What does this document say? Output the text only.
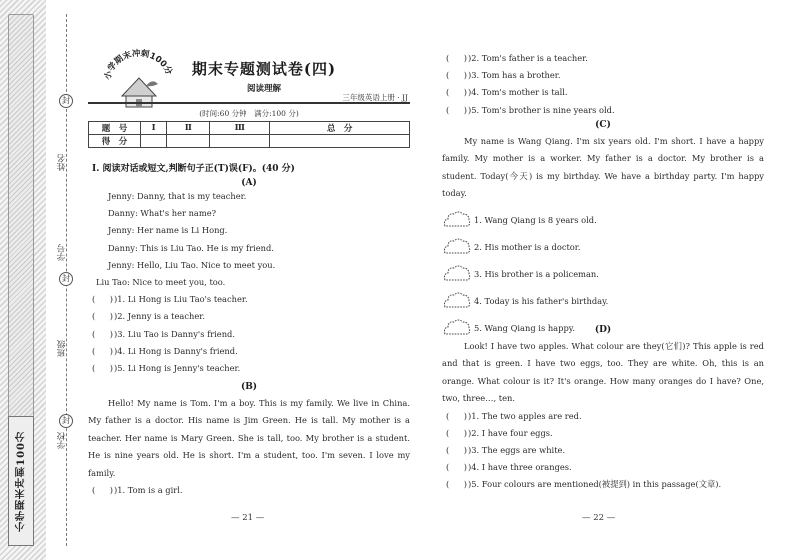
封
封
封
姓名
学号
班级
学校
小学期末冲刺100分
小学期末冲刺100分	期末专题测试卷(四)
阅读理解
三年级英语上册 · JJ
(时间:60 分钟　满分:100 分)
题　号	Ⅰ	Ⅱ	Ⅲ	总　分
得　分				
Ⅰ. 阅读对话或短文,判断句子正(T)误(F)。(40 分)
(A)
Jenny: Danny, that is my teacher.
Danny: What's her name?
Jenny: Her name is Li Hong.
Danny: This is Liu Tao. He is my friend.
Jenny: Hello, Liu Tao. Nice to meet you.
Liu Tao: Nice to meet you, too.
( )
)1. Li Hong is Liu Tao's teacher.
( )
)2. Jenny is a teacher.
( )
)3. Liu Tao is Danny's friend.
( )
)4. Li Hong is Danny's friend.
( )
)5. Li Hong is Jenny's teacher.
(B)
Hello! My name is Tom. I'm a boy. This is my family. We live in China. My father is a doctor. His name is Jim Green. He is tall. My mother is a teacher. Her name is Mary Green. She is tall, too. My brother is a student. He is nine years old. He is short. I'm a student, too. I'm seven. I love my family.
( )
)1. Tom is a girl.
— 21 —
( )
)2. Tom's father is a teacher.
( )
)3. Tom has a brother.
( )
)4. Tom's mother is tall.
( )
)5. Tom's brother is nine years old.
(C)
My name is Wang Qiang. I'm six years old. I'm short. I have a happy family. My mother is a worker. My father is a doctor. My brother is a student. Today(今天) is my birthday. We have a birthday party. I'm happy today.
1. Wang Qiang is 8 years old.
2. His mother is a doctor.
3. His brother is a policeman.
4. Today is his father's birthday.
5. Wang Qiang is happy.	(D)
Look! I have two apples. What colour are they(它们)? This apple is red and that is green. I have two eggs, too. They are white. Oh, this is an orange. What colour is it? It's orange. How many oranges do I have? One, two, three…, ten.
( )
)1. The two apples are red.
( )
)2. I have four eggs.
( )
)3. The eggs are white.
( )
)4. I have three oranges.
( )
)5. Four colours are mentioned(被提到) in this passage(文章).
— 22 —
